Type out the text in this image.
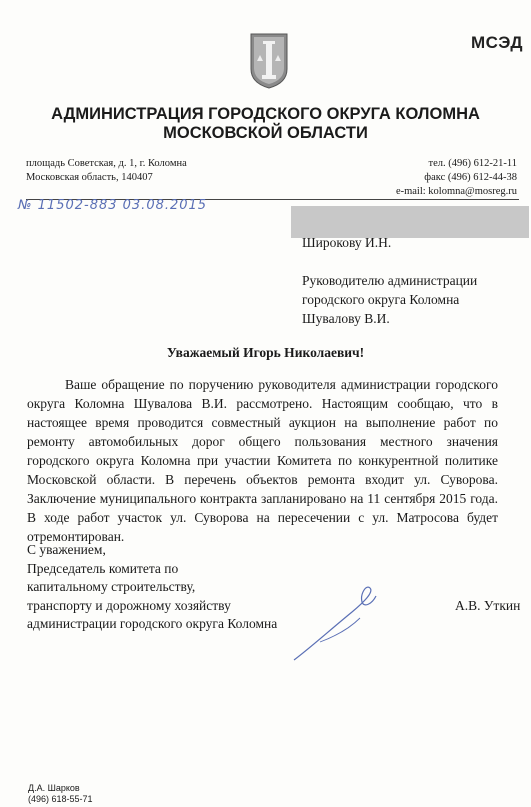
МСЭД
АДМИНИСТРАЦИЯ ГОРОДСКОГО ОКРУГА КОЛОМНА
МОСКОВСКОЙ ОБЛАСТИ
площадь Советская, д. 1, г. Коломна
Московская область, 140407
тел. (496) 612-21-11
факс (496) 612-44-38
e-mail: kolomna@mosreg.ru
№ 11502-883 03.08.2015
Широкову И.Н.
Руководителю администрации
городского округа Коломна
Шувалову В.И.
Уважаемый Игорь Николаевич!
Ваше обращение по поручению руководителя администрации городского округа Коломна Шувалова В.И. рассмотрено. Настоящим сообщаю, что в настоящее время проводится совместный аукцион на выполнение работ по ремонту автомобильных дорог общего пользования местного значения городского округа Коломна при участии Комитета по конкурентной политике Московской области. В перечень объектов ремонта входит ул. Суворова. Заключение муниципального контракта запланировано на 11 сентября 2015 года. В ходе работ участок ул. Суворова на пересечении с ул. Матросова будет отремонтирован.
С уважением,
Председатель комитета по
капитальному строительству,
транспорту и дорожному хозяйству
администрации городского округа Коломна
А.В. Уткин
Д.А. Шарков
(496) 618-55-71
